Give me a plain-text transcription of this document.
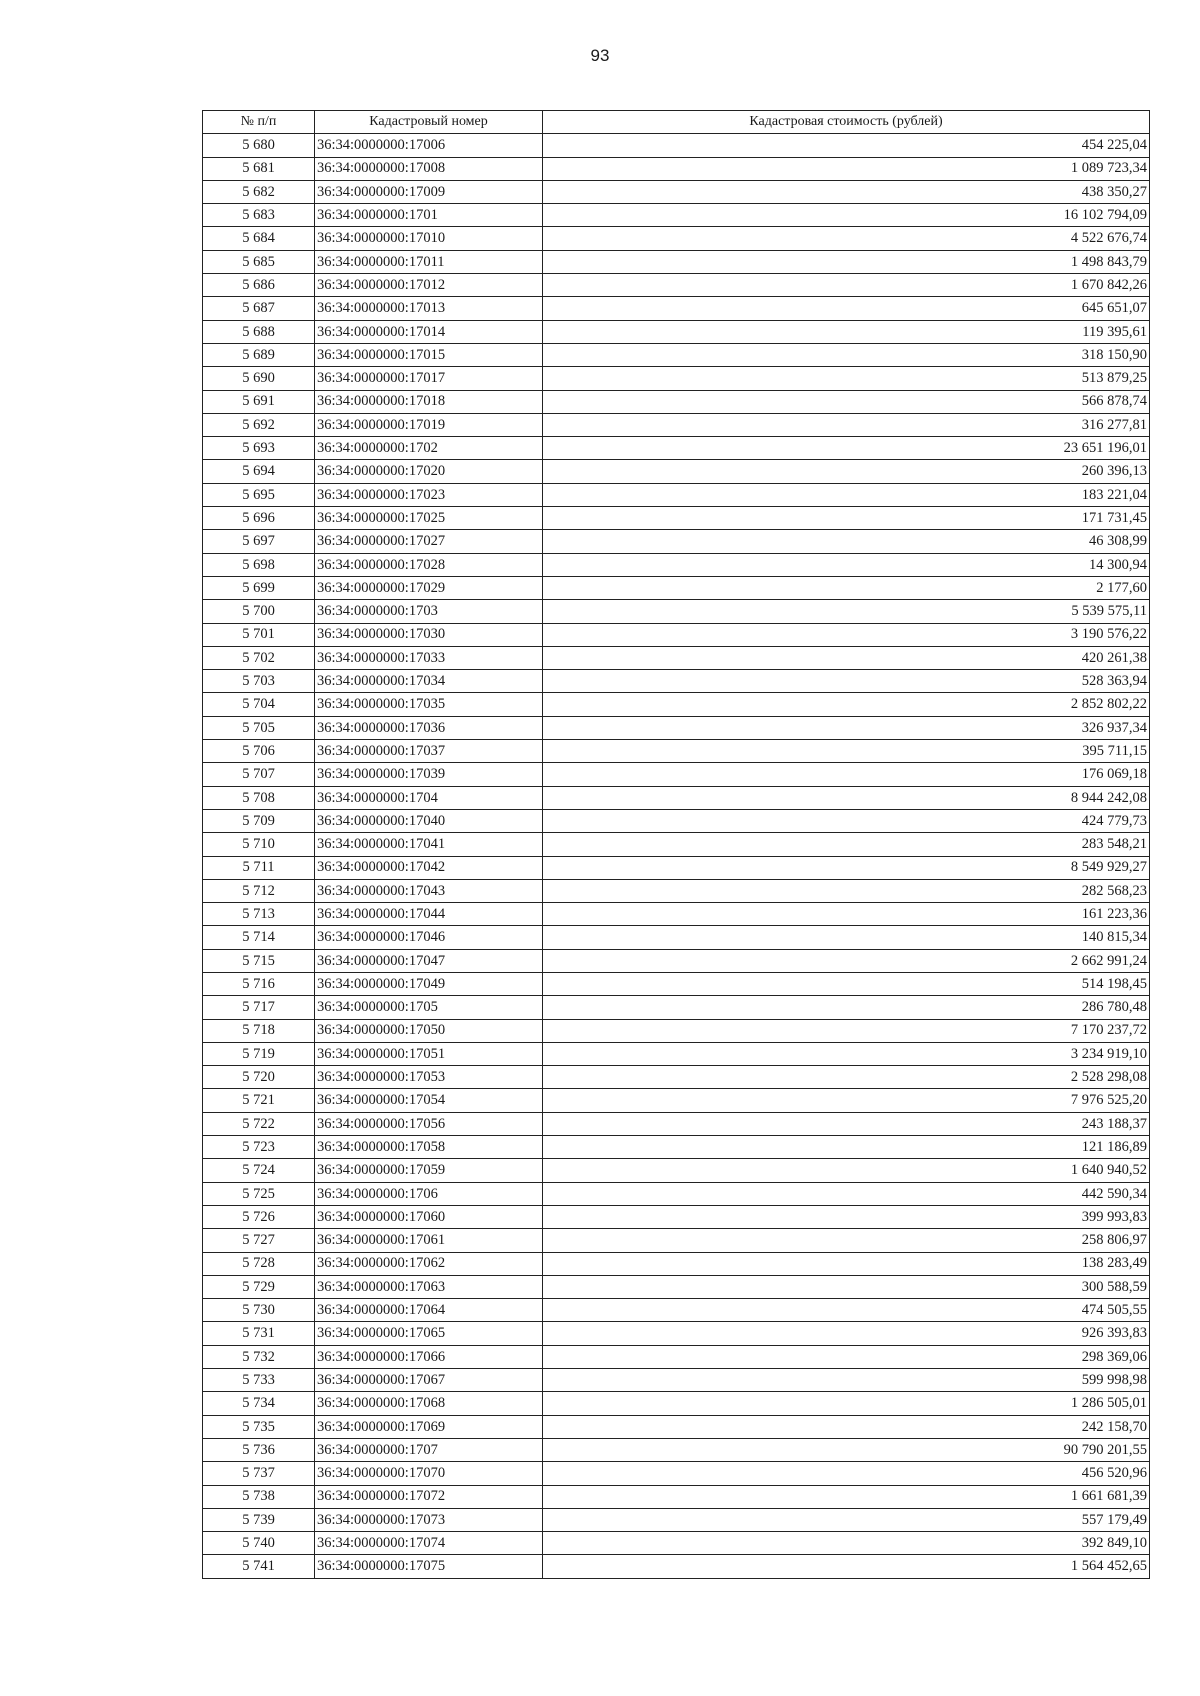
93
№ п/п	Кадастровый номер	Кадастровая стоимость (рублей)
5 680	36:34:0000000:17006	454 225,04
5 681	36:34:0000000:17008	1 089 723,34
5 682	36:34:0000000:17009	438 350,27
5 683	36:34:0000000:1701	16 102 794,09
5 684	36:34:0000000:17010	4 522 676,74
5 685	36:34:0000000:17011	1 498 843,79
5 686	36:34:0000000:17012	1 670 842,26
5 687	36:34:0000000:17013	645 651,07
5 688	36:34:0000000:17014	119 395,61
5 689	36:34:0000000:17015	318 150,90
5 690	36:34:0000000:17017	513 879,25
5 691	36:34:0000000:17018	566 878,74
5 692	36:34:0000000:17019	316 277,81
5 693	36:34:0000000:1702	23 651 196,01
5 694	36:34:0000000:17020	260 396,13
5 695	36:34:0000000:17023	183 221,04
5 696	36:34:0000000:17025	171 731,45
5 697	36:34:0000000:17027	46 308,99
5 698	36:34:0000000:17028	14 300,94
5 699	36:34:0000000:17029	2 177,60
5 700	36:34:0000000:1703	5 539 575,11
5 701	36:34:0000000:17030	3 190 576,22
5 702	36:34:0000000:17033	420 261,38
5 703	36:34:0000000:17034	528 363,94
5 704	36:34:0000000:17035	2 852 802,22
5 705	36:34:0000000:17036	326 937,34
5 706	36:34:0000000:17037	395 711,15
5 707	36:34:0000000:17039	176 069,18
5 708	36:34:0000000:1704	8 944 242,08
5 709	36:34:0000000:17040	424 779,73
5 710	36:34:0000000:17041	283 548,21
5 711	36:34:0000000:17042	8 549 929,27
5 712	36:34:0000000:17043	282 568,23
5 713	36:34:0000000:17044	161 223,36
5 714	36:34:0000000:17046	140 815,34
5 715	36:34:0000000:17047	2 662 991,24
5 716	36:34:0000000:17049	514 198,45
5 717	36:34:0000000:1705	286 780,48
5 718	36:34:0000000:17050	7 170 237,72
5 719	36:34:0000000:17051	3 234 919,10
5 720	36:34:0000000:17053	2 528 298,08
5 721	36:34:0000000:17054	7 976 525,20
5 722	36:34:0000000:17056	243 188,37
5 723	36:34:0000000:17058	121 186,89
5 724	36:34:0000000:17059	1 640 940,52
5 725	36:34:0000000:1706	442 590,34
5 726	36:34:0000000:17060	399 993,83
5 727	36:34:0000000:17061	258 806,97
5 728	36:34:0000000:17062	138 283,49
5 729	36:34:0000000:17063	300 588,59
5 730	36:34:0000000:17064	474 505,55
5 731	36:34:0000000:17065	926 393,83
5 732	36:34:0000000:17066	298 369,06
5 733	36:34:0000000:17067	599 998,98
5 734	36:34:0000000:17068	1 286 505,01
5 735	36:34:0000000:17069	242 158,70
5 736	36:34:0000000:1707	90 790 201,55
5 737	36:34:0000000:17070	456 520,96
5 738	36:34:0000000:17072	1 661 681,39
5 739	36:34:0000000:17073	557 179,49
5 740	36:34:0000000:17074	392 849,10
5 741	36:34:0000000:17075	1 564 452,65
